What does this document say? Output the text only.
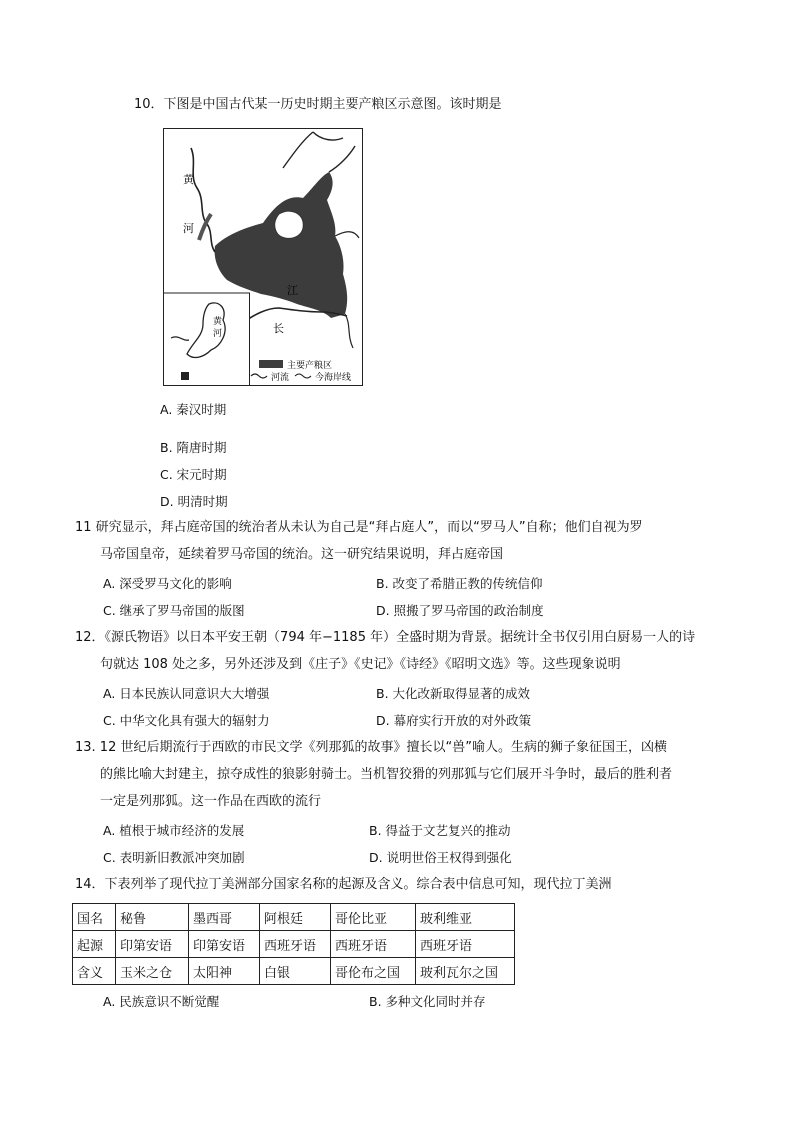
10．下图是中国古代某一历史时期主要产粮区示意图。该时期是
黄
河
长
江
黄
河
主要产粮区
河流	今海岸线
A. 秦汉时期
B. 隋唐时期
C. 宋元时期
D. 明清时期
11 研究显示，拜占庭帝国的统治者从未认为自己是“拜占庭人”，而以“罗马人”自称；他们自视为罗
马帝国皇帝，延续着罗马帝国的统治。这一研究结果说明，拜占庭帝国
A. 深受罗马文化的影响	B. 改变了希腊正教的传统信仰
C. 继承了罗马帝国的版图	D. 照搬了罗马帝国的政治制度
12．《源氏物语》以日本平安王朝（794 年−1185 年）全盛时期为背景。据统计全书仅引用白厨易一人的诗
句就达 108 处之多，另外还涉及到《庄子》《史记》《诗经》《昭明文选》等。这些现象说明
A. 日本民族认同意识大大增强	B. 大化改新取得显著的成效
C. 中华文化具有强大的辐射力	D. 幕府实行开放的对外政策
13. 12 世纪后期流行于西欧的市民文学《列那狐的故事》擅长以“兽”喻人。生病的狮子象征国王，凶横
的熊比喻大封建主，掠夺成性的狼影射骑士。当机智狡猾的列那狐与它们展开斗争时，最后的胜利者
一定是列那狐。这一作品在西欧的流行
A. 植根于城市经济的发展	B. 得益于文艺复兴的推动
C. 表明新旧教派冲突加剧	D. 说明世俗王权得到强化
14．下表列举了现代拉丁美洲部分国家名称的起源及含义。综合表中信息可知，现代拉丁美洲
国名	秘鲁	墨西哥	阿根廷	哥伦比亚	玻利维亚
起源	印第安语	印第安语	西班牙语	西班牙语	西班牙语
含义	玉米之仓	太阳神	白银	哥伦布之国	玻利瓦尔之国
A. 民族意识不断觉醒	B. 多种文化同时并存
